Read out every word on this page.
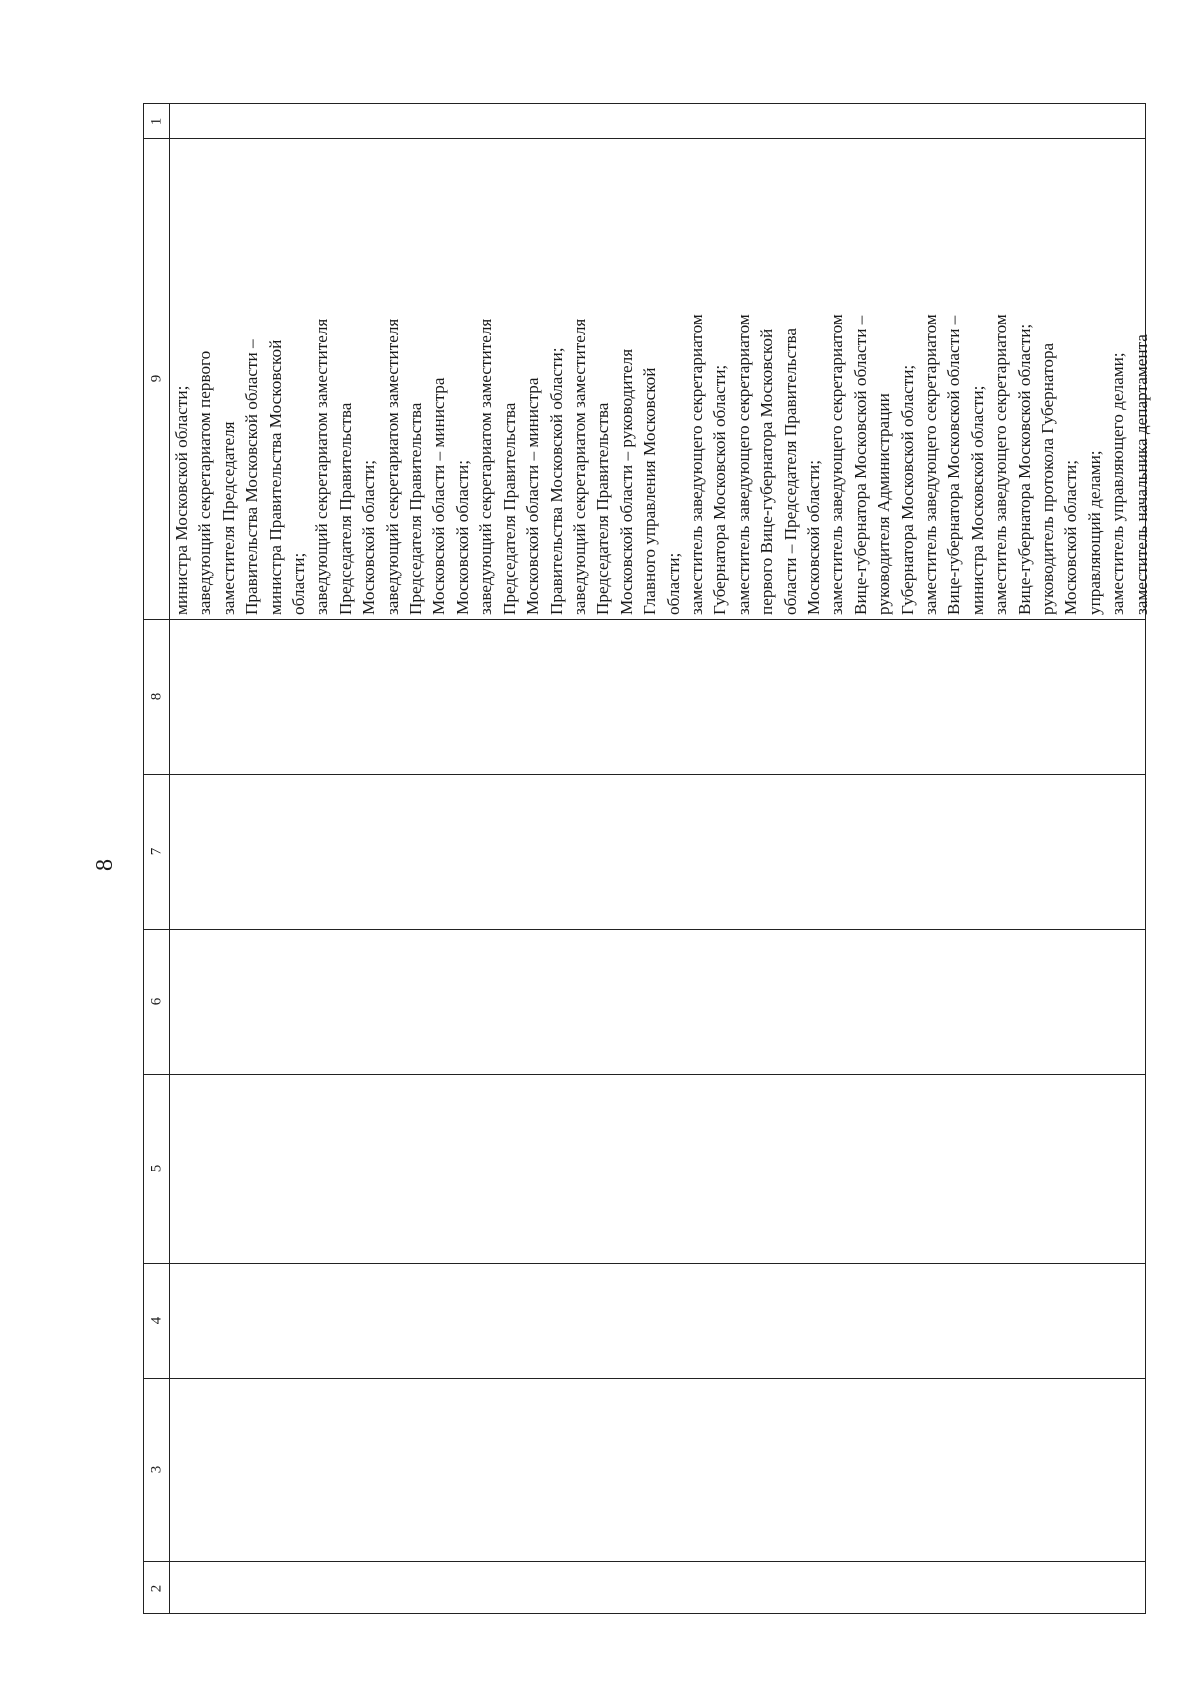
8
9
8
7
6
5
4
3
2
1
министра Московской области; заведующий секретариатом первого заместителя Председателя Правительства Московской области – министра Правительства Московской области; заведующий секретариатом заместителя Председателя Правительства Московской области; заведующий секретариатом заместителя Председателя Правительства Московской области – министра Московской области; заведующий секретариатом заместителя Председателя Правительства Московской области – министра Правительства Московской области; заведующий секретариатом заместителя Председателя Правительства Московской области – руководителя Главного управления Московской области; заместитель заведующего секретариатом Губернатора Московской области; заместитель заведующего секретариатом первого Вице-губернатора Московской области – Председателя Правительства Московской области; заместитель заведующего секретариатом Вице-губернатора Московской области – руководителя Администрации Губернатора Московской области; заместитель заведующего секретариатом Вице-губернатора Московской области – министра Московской области; заместитель заведующего секретариатом Вице-губернатора Московской области; руководитель протокола Губернатора Московской области; управляющий делами; заместитель управляющего делами; заместитель начальника департамента
